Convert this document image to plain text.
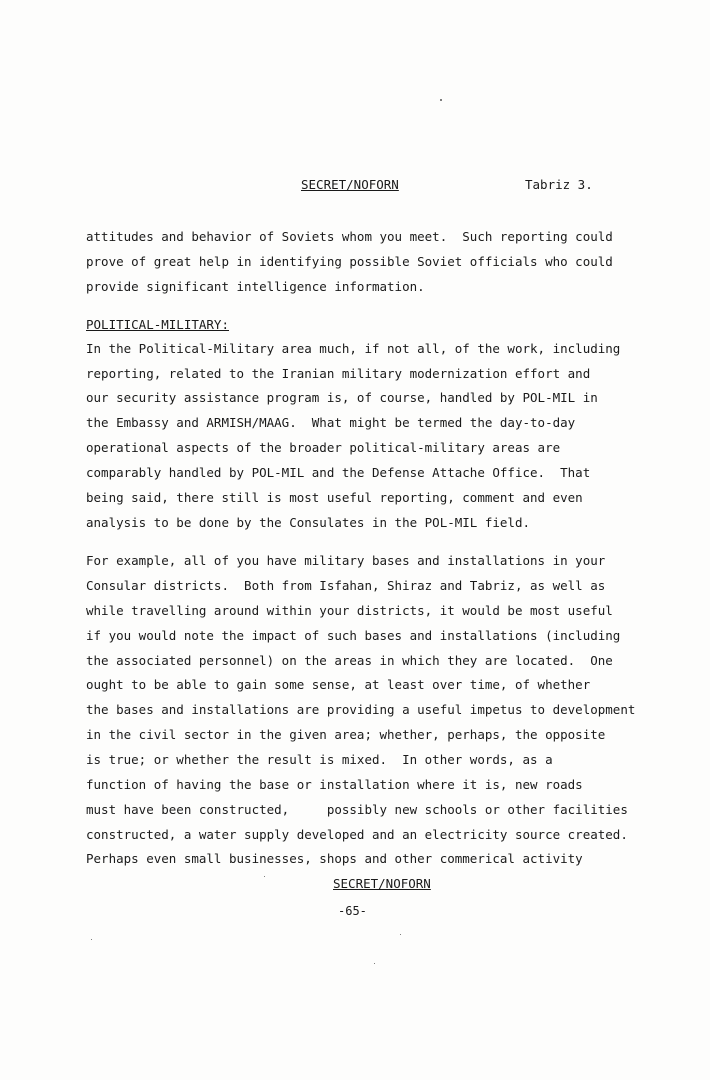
SECRET/NOFORN	Tabriz 3.
attitudes and behavior of Soviets whom you meet.  Such reporting could
prove of great help in identifying possible Soviet officials who could
provide significant intelligence information.
POLITICAL-MILITARY:
In the Political-Military area much, if not all, of the work, including
reporting, related to the Iranian military modernization effort and
our security assistance program is, of course, handled by POL-MIL in
the Embassy and ARMISH/MAAG.  What might be termed the day-to-day
operational aspects of the broader political-military areas are
comparably handled by POL-MIL and the Defense Attache Office.  That
being said, there still is most useful reporting, comment and even
analysis to be done by the Consulates in the POL-MIL field.
For example, all of you have military bases and installations in your
Consular districts.  Both from Isfahan, Shiraz and Tabriz, as well as
while travelling around within your districts, it would be most useful
if you would note the impact of such bases and installations (including
the associated personnel) on the areas in which they are located.  One
ought to be able to gain some sense, at least over time, of whether
the bases and installations are providing a useful impetus to development
in the civil sector in the given area; whether, perhaps, the opposite
is true; or whether the result is mixed.  In other words, as a
function of having the base or installation where it is, new roads
must have been constructed,     possibly new schools or other facilities
constructed, a water supply developed and an electricity source created.
Perhaps even small businesses, shops and other commerical activity
SECRET/NOFORN
-65-
